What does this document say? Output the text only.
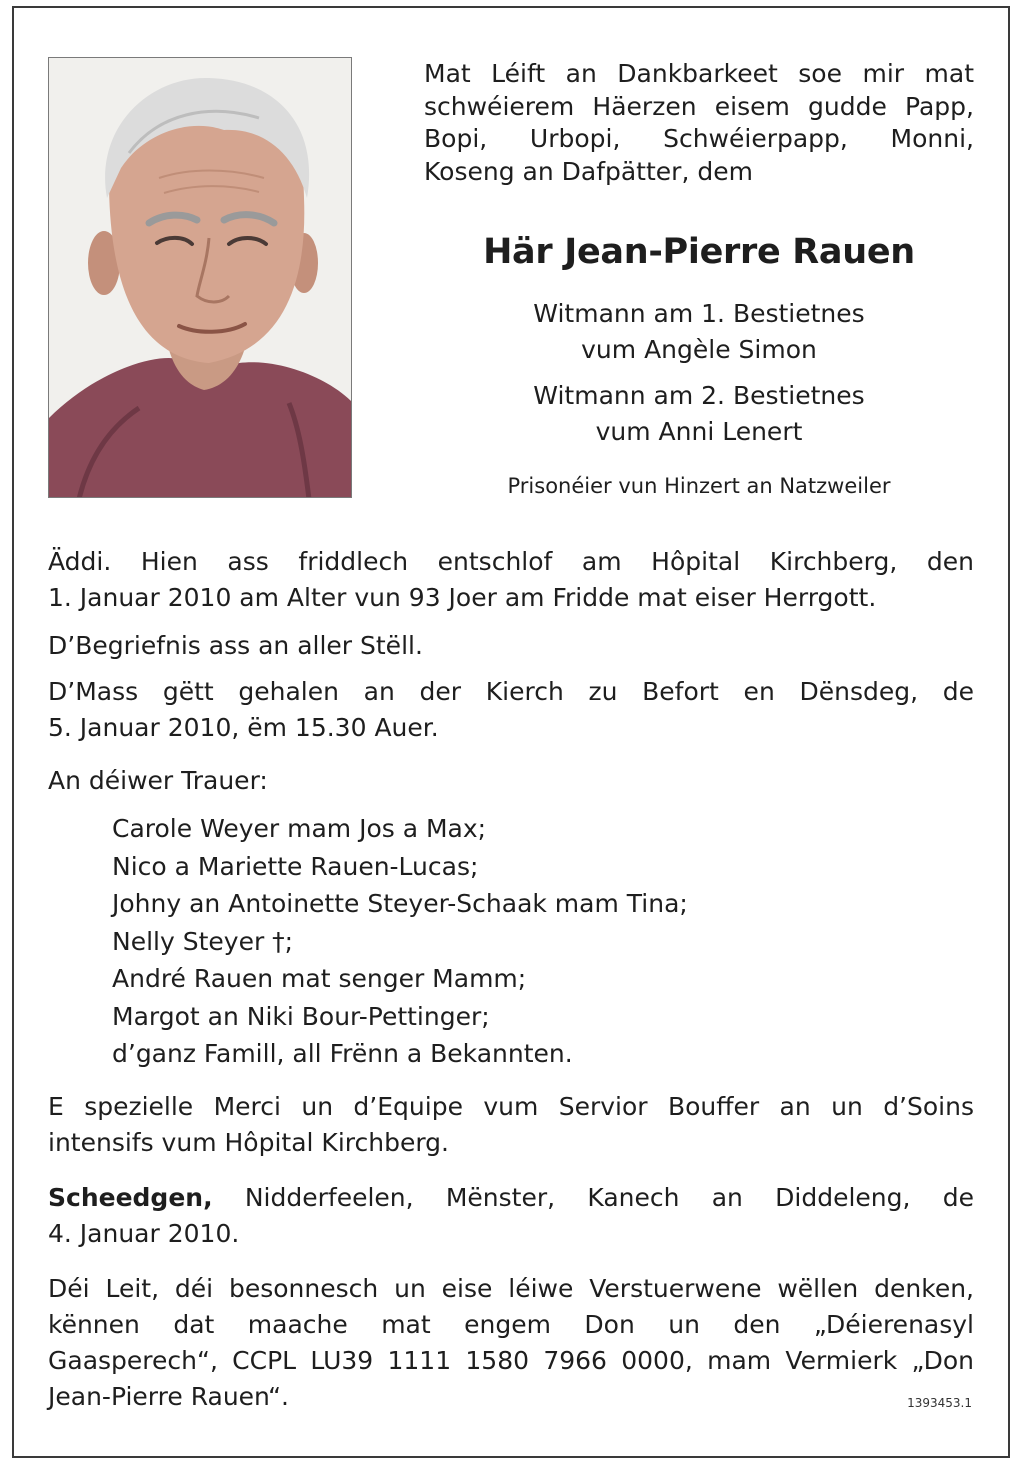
Mat Léift an Dankbarkeet soe mir mat
schwéierem Häerzen eisem gudde Papp,
Bopi, Urbopi, Schwéierpapp, Monni,
Koseng an Dafpätter, dem
Här Jean-Pierre Rauen
Witmann am 1. Bestietnes
vum Angèle Simon
Witmann am 2. Bestietnes
vum Anni Lenert
Prisonéier vun Hinzert an Natzweiler
Äddi. Hien ass friddlech entschlof am Hôpital Kirchberg, den
1. Januar 2010 am Alter vun 93 Joer am Fridde mat eiser Herrgott.
D’Begriefnis ass an aller Stëll.
D’Mass gëtt gehalen an der Kierch zu Befort en Dënsdeg, de
5. Januar 2010, ëm 15.30 Auer.
An déiwer Trauer:
Carole Weyer mam Jos a Max;
Nico a Mariette Rauen-Lucas;
Johny an Antoinette Steyer-Schaak mam Tina;
Nelly Steyer †;
André Rauen mat senger Mamm;
Margot an Niki Bour-Pettinger;
d’ganz Famill, all Frënn a Bekannten.
E spezielle Merci un d’Equipe vum Servior Bouffer an un d’Soins
intensifs vum Hôpital Kirchberg.
Scheedgen, Nidderfeelen, Mënster, Kanech an Diddeleng, de
4. Januar 2010.
Déi Leit, déi besonnesch un eise léiwe Verstuerwene wëllen denken,
kënnen dat maache mat engem Don un den „Déierenasyl
Gaasperech“, CCPL LU39 1111 1580 7966 0000, mam Vermierk „Don
Jean-Pierre Rauen“.	1393453.1
